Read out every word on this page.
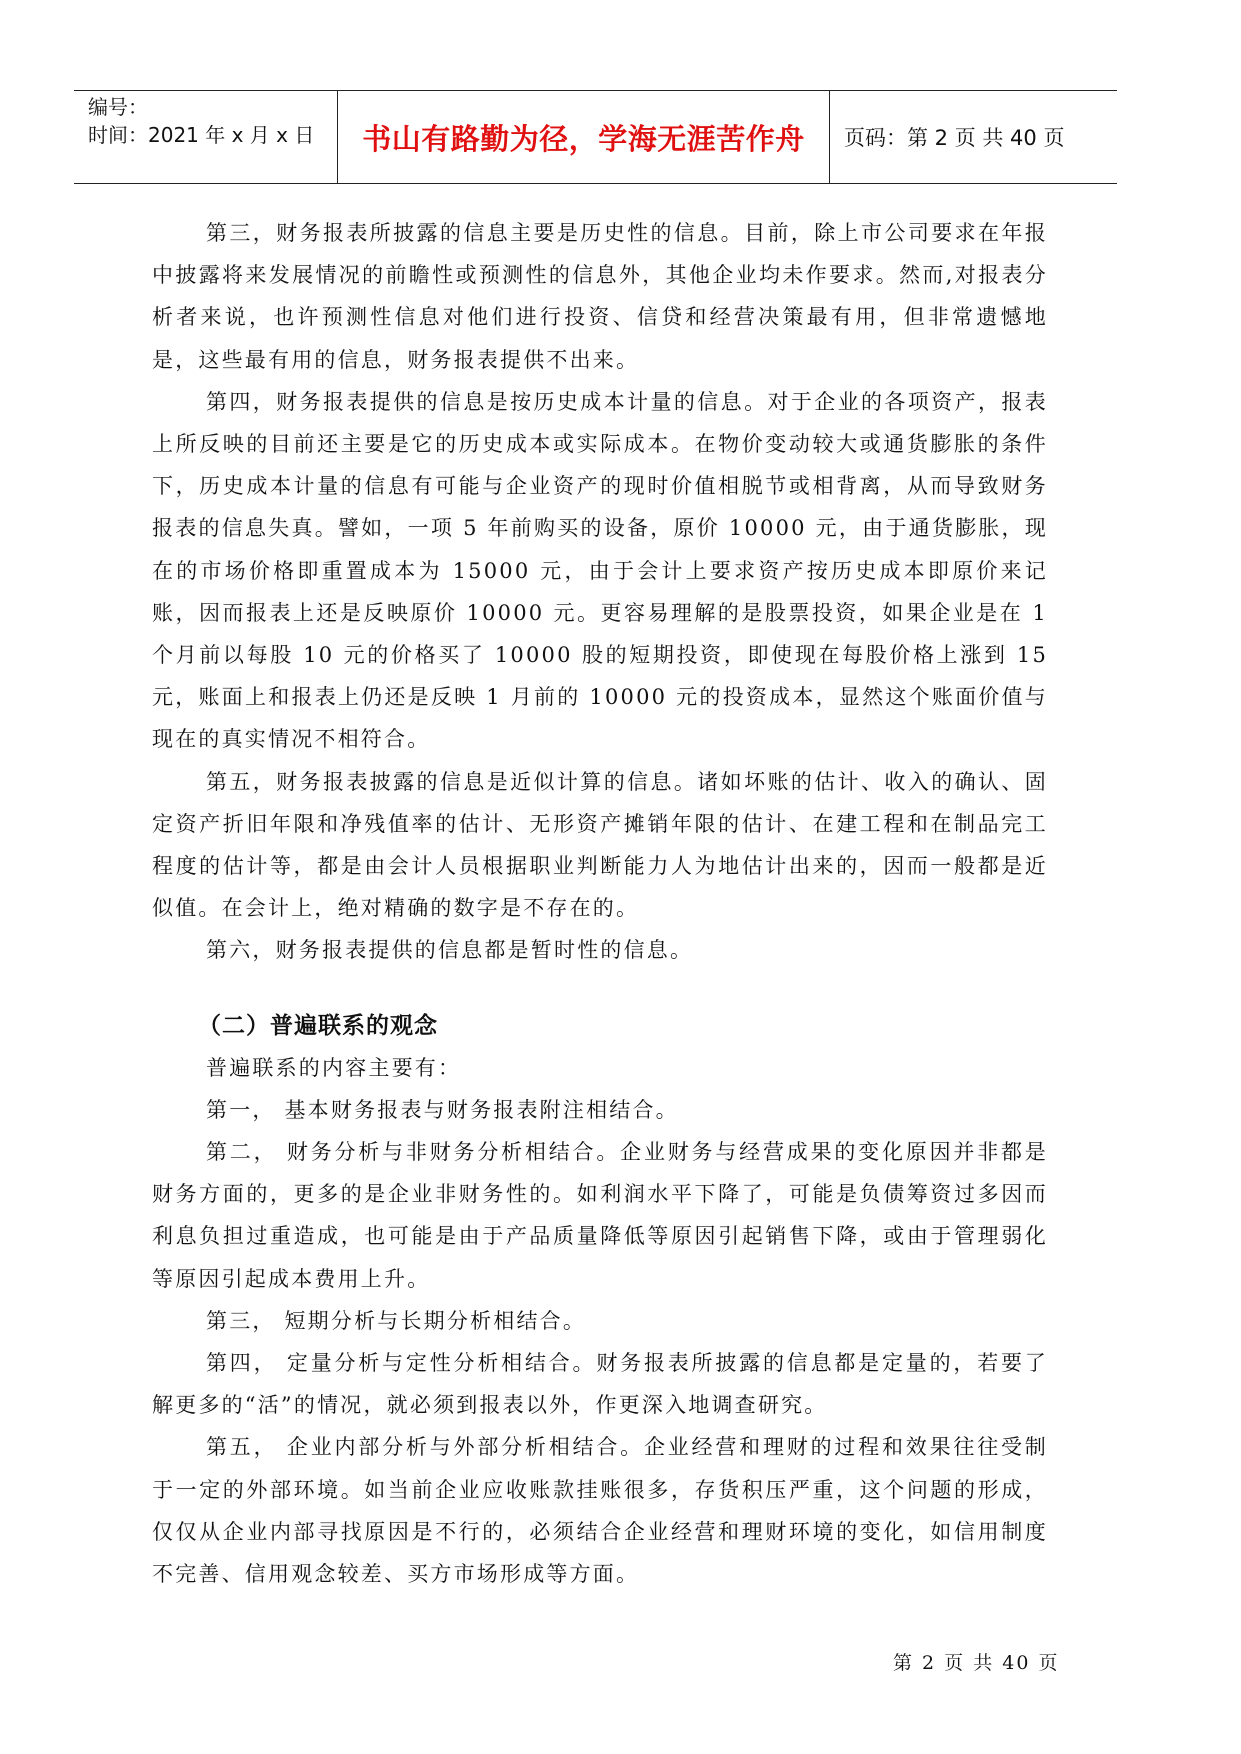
编号：
时间：2021 年 x 月 x 日	书山有路勤为径，学海无涯苦作舟	页码：第 2 页 共 40 页

第三，财务报表所披露的信息主要是历史性的信息。目前，除上市公司要求在年报中披露将来发展情况的前瞻性或预测性的信息外，其他企业均未作要求。然而,对报表分析者来说，也许预测性信息对他们进行投资、信贷和经营决策最有用，但非常遗憾地是，这些最有用的信息，财务报表提供不出来。

第四，财务报表提供的信息是按历史成本计量的信息。对于企业的各项资产，报表上所反映的目前还主要是它的历史成本或实际成本。在物价变动较大或通货膨胀的条件下，历史成本计量的信息有可能与企业资产的现时价值相脱节或相背离，从而导致财务报表的信息失真。譬如，一项 5 年前购买的设备，原价 10000 元，由于通货膨胀，现在的市场价格即重置成本为 15000 元，由于会计上要求资产按历史成本即原价来记账，因而报表上还是反映原价 10000 元。更容易理解的是股票投资，如果企业是在 1 个月前以每股 10 元的价格买了 10000 股的短期投资，即使现在每股价格上涨到 15 元，账面上和报表上仍还是反映 1 月前的 10000 元的投资成本，显然这个账面价值与现在的真实情况不相符合。

第五，财务报表披露的信息是近似计算的信息。诸如坏账的估计、收入的确认、固定资产折旧年限和净残值率的估计、无形资产摊销年限的估计、在建工程和在制品完工程度的估计等，都是由会计人员根据职业判断能力人为地估计出来的，因而一般都是近似值。在会计上，绝对精确的数字是不存在的。

第六，财务报表提供的信息都是暂时性的信息。

（二）普遍联系的观念

普遍联系的内容主要有：

第一， 基本财务报表与财务报表附注相结合。

第二， 财务分析与非财务分析相结合。企业财务与经营成果的变化原因并非都是财务方面的，更多的是企业非财务性的。如利润水平下降了，可能是负债筹资过多因而利息负担过重造成，也可能是由于产品质量降低等原因引起销售下降，或由于管理弱化等原因引起成本费用上升。

第三， 短期分析与长期分析相结合。

第四， 定量分析与定性分析相结合。财务报表所披露的信息都是定量的，若要了解更多的“活”的情况，就必须到报表以外，作更深入地调查研究。

第五， 企业内部分析与外部分析相结合。企业经营和理财的过程和效果往往受制于一定的外部环境。如当前企业应收账款挂账很多，存货积压严重，这个问题的形成，仅仅从企业内部寻找原因是不行的，必须结合企业经营和理财环境的变化，如信用制度不完善、信用观念较差、买方市场形成等方面。

第 2 页 共 40 页
